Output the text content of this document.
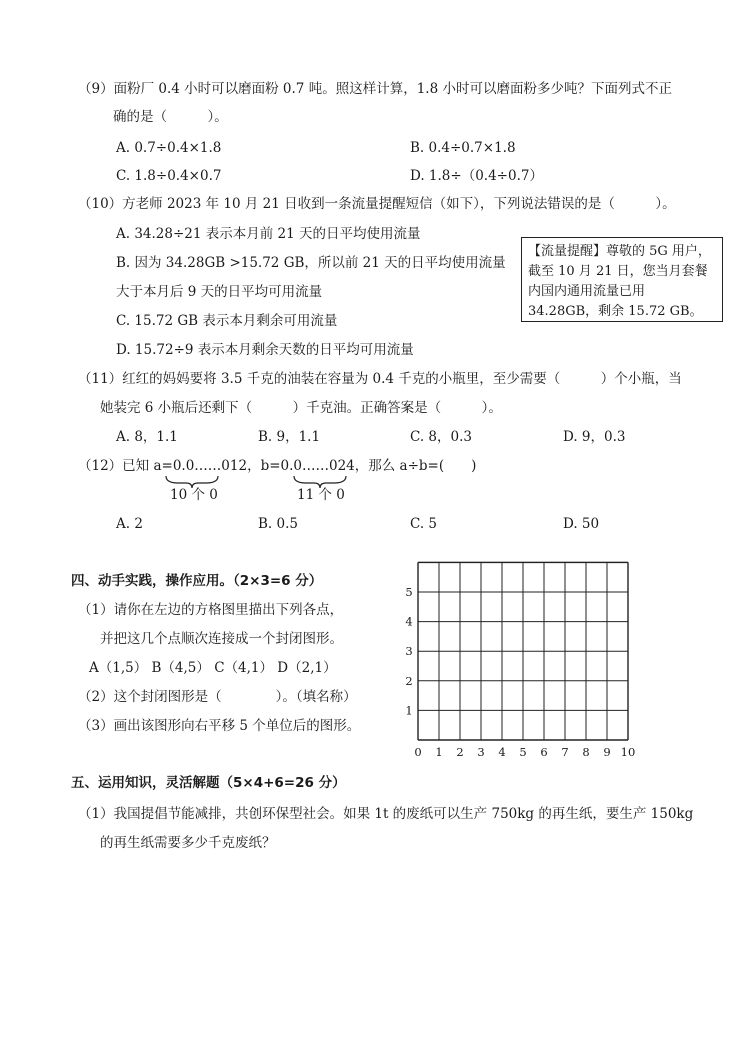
（9）面粉厂 0.4 小时可以磨面粉 0.7 吨。照这样计算，1.8 小时可以磨面粉多少吨？下面列式不正
确的是（　　　）。
A. 0.7÷0.4×1.8	B. 0.4÷0.7×1.8
C. 1.8÷0.4×0.7	D. 1.8÷（0.4÷0.7）
（10）方老师 2023 年 10 月 21 日收到一条流量提醒短信（如下），下列说法错误的是（　　　）。
A. 34.28÷21 表示本月前 21 天的日平均使用流量
B. 因为 34.28GB >15.72 GB，所以前 21 天的日平均使用流量
大于本月后 9 天的日平均可用流量
C. 15.72 GB 表示本月剩余可用流量
D. 15.72÷9 表示本月剩余天数的日平均可用流量
【流量提醒】尊敬的 5G 用户，截至 10 月 21 日，您当月套餐内国内通用流量已用 34.28GB，剩余 15.72 GB。
（11）红红的妈妈要将 3.5 千克的油装在容量为 0.4 千克的小瓶里，至少需要（　　　）个小瓶，当
她装完 6 小瓶后还剩下（　　　）千克油。正确答案是（　　　）。
A. 8，1.1	B. 9，1.1	C. 8，0.3	D. 9，0.3
（12）已知 a=0.0……012，b=0.0……024，那么 a÷b=(　　)
10 个 0	11 个 0
A. 2	B. 0.5	C. 5	D. 50
四、动手实践，操作应用。（2×3=6 分）
（1）请你在左边的方格图里描出下列各点，
并把这几个点顺次连接成一个封闭图形。
A（1,5） B（4,5） C（4,1） D（2,1）
（2）这个封闭图形是（　　　　）。（填名称）
（3）画出该图形向右平移 5 个单位后的图形。
0 1 2 3 4 5 6 7 8 9 10
1
2
3
4
5
五、运用知识，灵活解题（5×4+6=26 分）
（1）我国提倡节能减排，共创环保型社会。如果 1t 的废纸可以生产 750kg 的再生纸，要生产 150kg
的再生纸需要多少千克废纸？
